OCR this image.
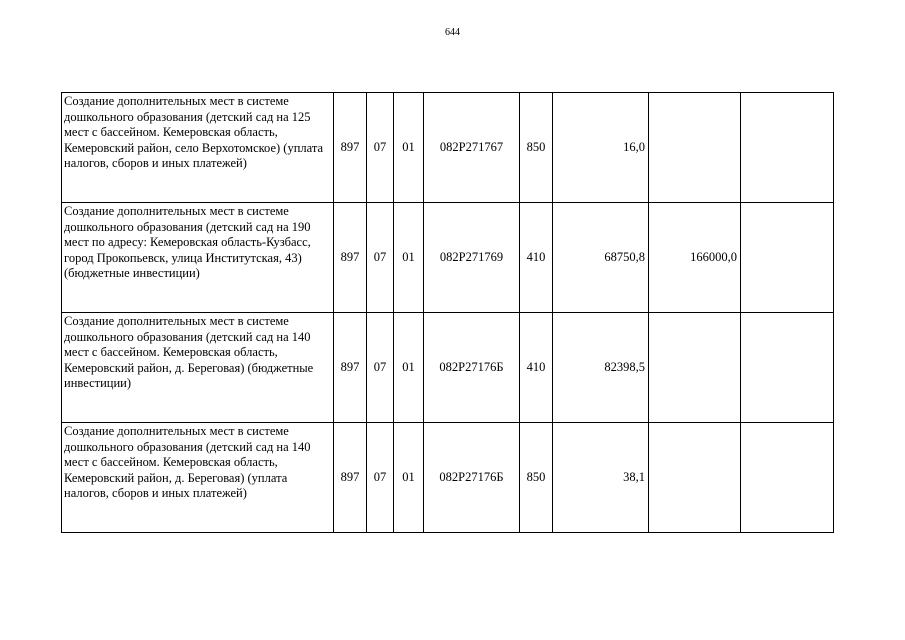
644
Создание дополнительных мест в системе дошкольного образования (детский сад на 125 мест с бассейном. Кемеровская область, Кемеровский район, село Верхотомское) (уплата налогов, сборов и иных платежей)	897	07	01	082P271767	850	16,0		
Создание дополнительных мест в системе дошкольного образования (детский сад на 190 мест по адресу: Кемеровская область-Кузбасс, город Прокопьевск, улица Институтская, 43) (бюджетные инвестиции)	897	07	01	082P271769	410	68750,8	166000,0	
Создание дополнительных мест в системе дошкольного образования (детский сад на 140 мест с бассейном. Кемеровская область, Кемеровский район, д. Береговая) (бюджетные инвестиции)	897	07	01	082P27176Б	410	82398,5		
Создание дополнительных мест в системе дошкольного образования (детский сад на 140 мест с бассейном. Кемеровская область, Кемеровский район, д. Береговая) (уплата налогов, сборов и иных платежей)	897	07	01	082P27176Б	850	38,1		
